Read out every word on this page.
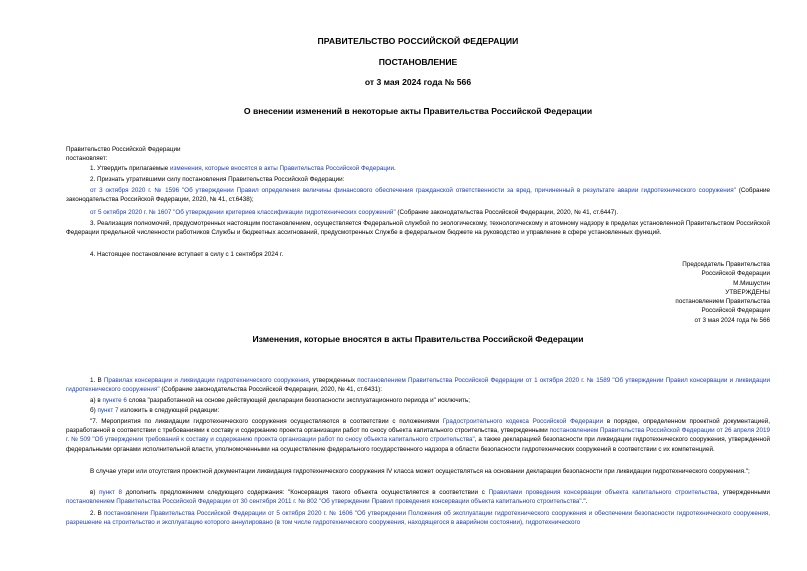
ПРАВИТЕЛЬСТВО РОССИЙСКОЙ ФЕДЕРАЦИИ
ПОСТАНОВЛЕНИЕ
от 3 мая 2024 года № 566
О внесении изменений в некоторые акты Правительства Российской Федерации
Правительство Российской Федерации
постановляет:
1. Утвердить прилагаемые изменения, которые вносятся в акты Правительства Российской Федерации.
2. Признать утратившими силу постановления Правительства Российской Федерации:
от 3 октября 2020 г. № 1596 "Об утверждении Правил определения величины финансового обеспечения гражданской ответственности за вред, причиненный в результате аварии гидротехнического сооружения" (Собрание законодательства Российской Федерации, 2020, № 41, ст.6438);
от 5 октября 2020 г. № 1607 "Об утверждении критериев классификации гидротехнических сооружений" (Собрание законодательства Российской Федерации, 2020, № 41, ст.6447).
3. Реализация полномочий, предусмотренных настоящим постановлением, осуществляется Федеральной службой по экологическому, технологическому и атомному надзору в пределах установленной Правительством Российской Федерации предельной численности работников Службы и бюджетных ассигнований, предусмотренных Службе в федеральном бюджете на руководство и управление в сфере установленных функций.
4. Настоящее постановление вступает в силу с 1 сентября 2024 г.
Председатель Правительства
Российской Федерации
М.Мишустин
УТВЕРЖДЕНЫ
постановлением Правительства
Российской Федерации
от 3 мая 2024 года № 566
Изменения, которые вносятся в акты Правительства Российской Федерации
1. В Правилах консервации и ликвидации гидротехнического сооружения, утвержденных постановлением Правительства Российской Федерации от 1 октября 2020 г. № 1589 "Об утверждении Правил консервации и ликвидации гидротехнического сооружения" (Собрание законодательства Российской Федерации, 2020, № 41, ст.6431):
а) в пункте 6 слова "разработанной на основе действующей декларации безопасности эксплуатационного периода и" исключить;
б) пункт 7 изложить в следующей редакции:
"7. Мероприятия по ликвидации гидротехнического сооружения осуществляются в соответствии с положениями Градостроительного кодекса Российской Федерации в порядке, определенном проектной документацией, разработанной в соответствии с требованиями к составу и содержанию проекта организации работ по сносу объекта капитального строительства, утвержденными постановлением Правительства Российской Федерации от 26 апреля 2019 г. № 509 "Об утверждении требований к составу и содержанию проекта организации работ по сносу объекта капитального строительства", а также декларацией безопасности при ликвидации гидротехнического сооружения, утвержденной федеральными органами исполнительной власти, уполномоченными на осуществление федерального государственного надзора в области безопасности гидротехнических сооружений в соответствии с их компетенцией.
В случае утери или отсутствия проектной документации ликвидация гидротехнического сооружения IV класса может осуществляться на основании декларации безопасности при ликвидации гидротехнического сооружения.";
в) пункт 8 дополнить предложением следующего содержания: "Консервация такого объекта осуществляется в соответствии с Правилами проведения консервации объекта капитального строительства, утвержденными постановлением Правительства Российской Федерации от 30 сентября 2011 г. № 802 "Об утверждении Правил проведения консервации объекта капитального строительства".".
2. В постановлении Правительства Российской Федерации от 5 октября 2020 г. № 1606 "Об утверждении Положения об эксплуатации гидротехнического сооружения и обеспечении безопасности гидротехнического сооружения, разрешение на строительство и эксплуатацию которого аннулировано (в том числе гидротехнического сооружения, находящегося в аварийном состоянии), гидротехнического
